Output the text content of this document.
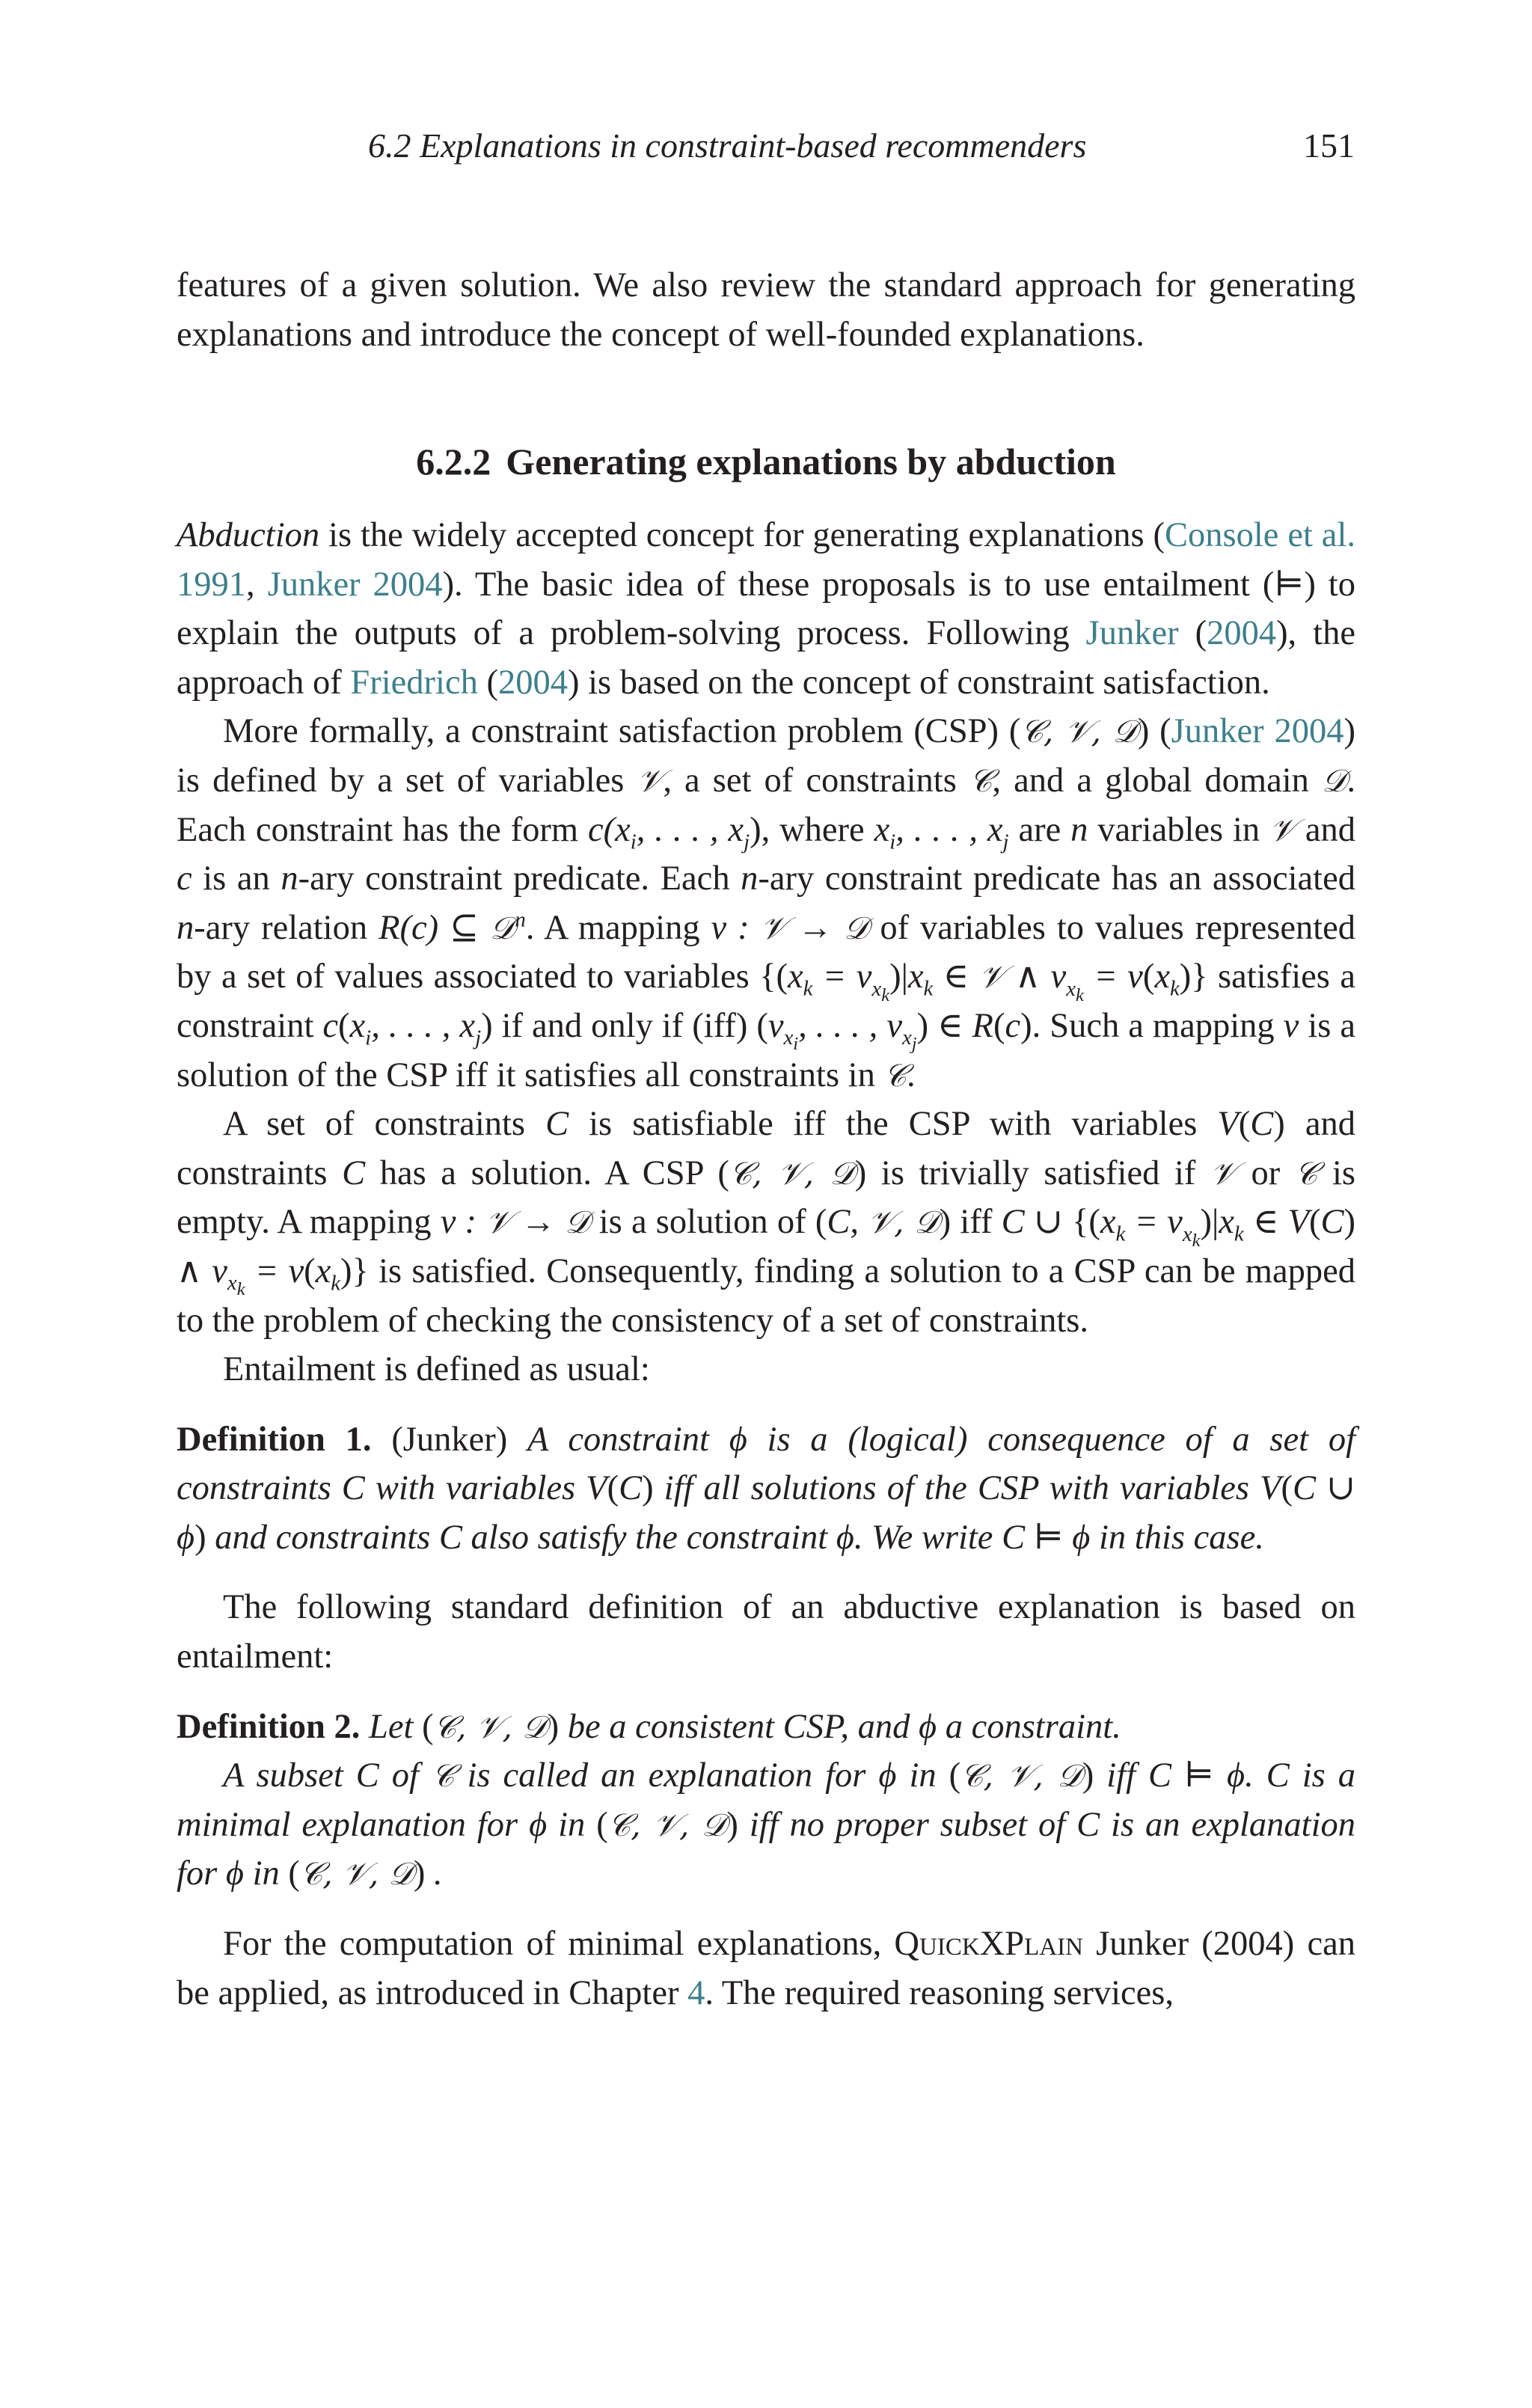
6.2 Explanations in constraint-based recommenders	151

features of a given solution. We also review the standard approach for generating explanations and introduce the concept of well-founded explanations.

6.2.2 Generating explanations by abduction

Abduction is the widely accepted concept for generating explanations (Console et al. 1991, Junker 2004). The basic idea of these proposals is to use entailment (⊨) to explain the outputs of a problem-solving process. Following Junker (2004), the approach of Friedrich (2004) is based on the concept of constraint satisfaction.

More formally, a constraint satisfaction problem (CSP) (𝒞, 𝒱, 𝒟) (Junker 2004) is defined by a set of variables 𝒱, a set of constraints 𝒞, and a global domain 𝒟. Each constraint has the form $c(x_i$, . . . , $x_j$), where $x_i$, . . . , $x_j$ are n variables in 𝒱 and c is an n-ary constraint predicate. Each n-ary constraint predicate has an associated n-ary relation R(c) ⊆ 𝒟$^n$. A mapping v : 𝒱 → 𝒟 of variables to values represented by a set of values associated to variables {$(x_k = v_{x_k})|x_k$ ∈ 𝒱 ∧ $v_{x_k} = v(x_k)$} satisfies a constraint $c(x_i$, . . . , $x_j$) if and only if (iff) ($v_{x_i}$, . . . , $v_{x_j}$) ∈ R(c). Such a mapping v is a solution of the CSP iff it satisfies all constraints in 𝒞.

A set of constraints C is satisfiable iff the CSP with variables V(C) and constraints C has a solution. A CSP (𝒞, 𝒱, 𝒟) is trivially satisfied if 𝒱 or 𝒞 is empty. A mapping v : 𝒱 → 𝒟 is a solution of (C, 𝒱, 𝒟) iff C ∪ {$(x_k = v_{x_k})|x_k$ ∈ V(C) ∧ $v_{x_k} = v(x_k)$} is satisfied. Consequently, finding a solution to a CSP can be mapped to the problem of checking the consistency of a set of constraints.

Entailment is defined as usual:

Definition 1. (Junker) A constraint ϕ is a (logical) consequence of a set of constraints C with variables V(C) iff all solutions of the CSP with variables V(C ∪ ϕ) and constraints C also satisfy the constraint ϕ. We write C ⊨ ϕ in this case.

The following standard definition of an abductive explanation is based on entailment:

Definition 2. Let (𝒞, 𝒱, 𝒟) be a consistent CSP, and ϕ a constraint.

A subset C of 𝒞 is called an explanation for ϕ in (𝒞, 𝒱, 𝒟) iff C ⊨ ϕ. C is a minimal explanation for ϕ in (𝒞, 𝒱, 𝒟) iff no proper subset of C is an explanation for ϕ in (𝒞, 𝒱, 𝒟) .

For the computation of minimal explanations, QuickXPlain Junker (2004) can be applied, as introduced in Chapter 4. The required reasoning services,
